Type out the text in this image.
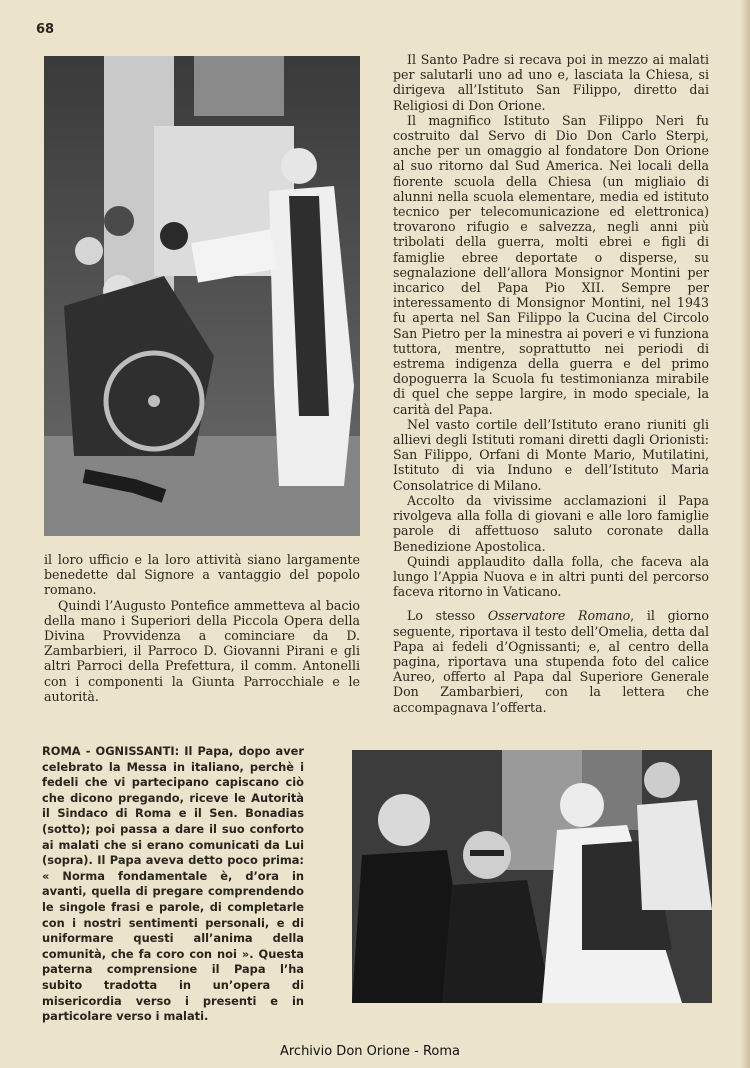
68

il loro ufficio e la loro attività siano largamente benedette dal Signore a vantaggio del popolo romano.

Quindi l’Augusto Pontefice ammetteva al bacio della mano i Superiori della Piccola Opera della Divina Provvidenza a cominciare da D. Zambarbieri, il Parroco D. Giovanni Pirani e gli altri Parroci della Prefettura, il comm. Antonelli con i componenti la Giunta Parrocchiale e le autorità.

Il Santo Padre si recava poi in mezzo ai malati per salutarli uno ad uno e, lasciata la Chiesa, si dirigeva all’Istituto San Filippo, diretto dai Religiosi di Don Orione.

Il magnifico Istituto San Filippo Neri fu costruito dal Servo di Dio Don Carlo Sterpi, anche per un omaggio al fondatore Don Orione al suo ritorno dal Sud America. Nei locali della fiorente scuola della Chiesa (un migliaio di alunni nella scuola elementare, media ed istituto tecnico per telecomunicazione ed elettronica) trovarono rifugio e salvezza, negli anni più tribolati della guerra, molti ebrei e figli di famiglie ebree deportate o disperse, su segnalazione dell’allora Monsignor Montini per incarico del Papa Pio XII. Sempre per interessamento di Monsignor Montini, nel 1943 fu aperta nel San Filippo la Cucina del Circolo San Pietro per la minestra ai poveri e vi funziona tuttora, mentre, soprattutto nei periodi di estrema indigenza della guerra e del primo dopoguerra la Scuola fu testimonianza mirabile di quel che seppe largire, in modo speciale, la carità del Papa.

Nel vasto cortile dell’Istituto erano riuniti gli allievi degli Istituti romani diretti dagli Orionisti: San Filippo, Orfani di Monte Mario, Mutilatini, Istituto di via Induno e dell’Istituto Maria Consolatrice di Milano.

Accolto da vivissime acclamazioni il Papa rivolgeva alla folla di giovani e alle loro famiglie parole di affettuoso saluto coronate dalla Benedizione Apostolica.

Quindi applaudito dalla folla, che faceva ala lungo l’Appia Nuova e in altri punti del percorso faceva ritorno in Vaticano.

Lo stesso Osservatore Romano, il giorno seguente, riportava il testo dell’Omelia, detta dal Papa ai fedeli d’Ognissanti; e, al centro della pagina, riportava una stupenda foto del calice Aureo, offerto al Papa dal Superiore Generale Don Zambarbieri, con la lettera che accompagnava l’offerta.

ROMA - OGNISSANTI: Il Papa, dopo aver celebrato la Messa in italiano, perchè i fedeli che vi partecipano capiscano ciò che dicono pregando, riceve le Autorità il Sindaco di Roma e il Sen. Bonadias (sotto); poi passa a dare il suo conforto ai malati che si erano comunicati da Lui (sopra). Il Papa aveva detto poco prima: « Norma fondamentale è, d’ora in avanti, quella di pregare comprendendo le singole frasi e parole, di completarle con i nostri sentimenti personali, e di uniformare questi all’anima della comunità, che fa coro con noi ». Questa paterna comprensione il Papa l’ha subito tradotta in un’opera di misericordia verso i presenti e in particolare verso i malati.

Archivio Don Orione - Roma
